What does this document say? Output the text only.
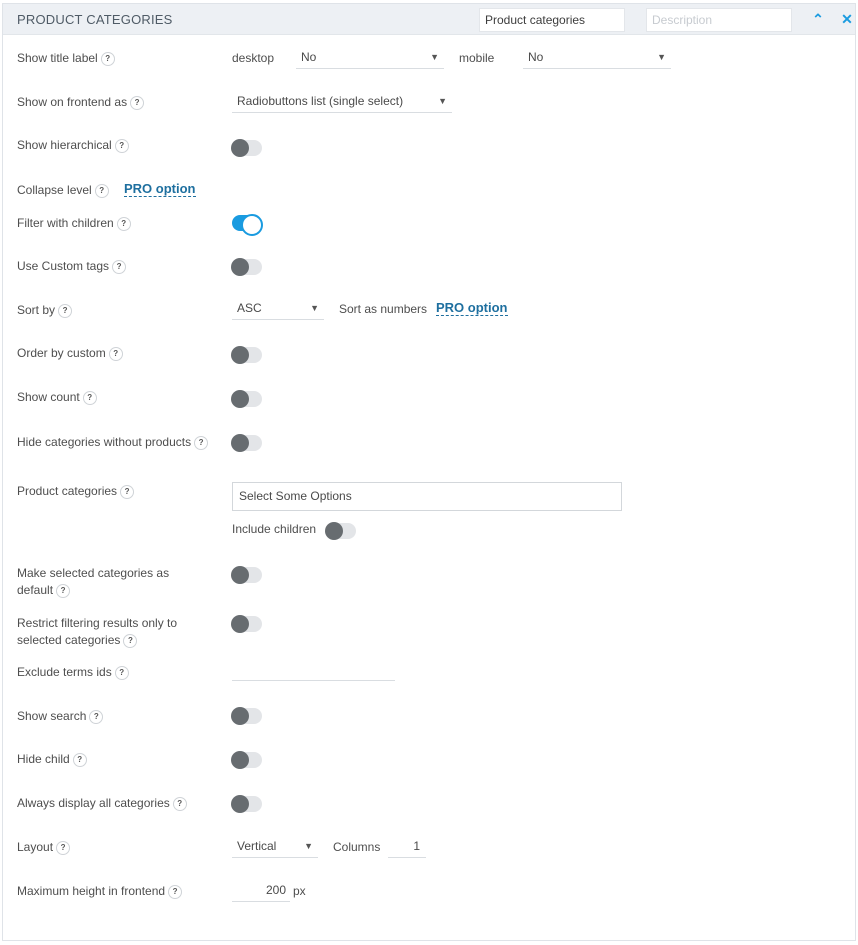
PRODUCT CATEGORIES
Product categories
Description	⌃ ✕
Show title label ?	desktop	No	▼ mobile	No	▼
Show on frontend as ?	Radiobuttons list (single select)	▼
Show hierarchical ?
Collapse level ?	PRO option
Filter with children ?
Use Custom tags ?
Sort by ?	ASC	▼ Sort as numbers PRO option
Order by custom ?
Show count ?
Hide categories without products ?
Product categories ?	Select Some Options
Include children
Make selected categories as default ?
Restrict filtering results only to selected categories ?
Exclude terms ids ?
Show search ?
Hide child ?
Always display all categories ?
Layout ?	Vertical	▼ Columns	1
Maximum height in frontend ?	200 px
